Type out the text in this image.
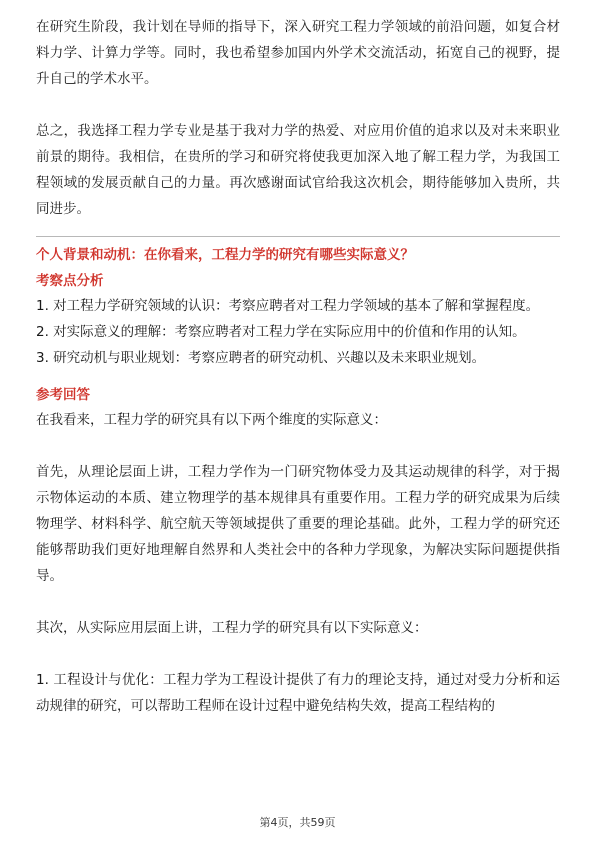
在研究生阶段，我计划在导师的指导下，深入研究工程力学领域的前沿问题，如复合材料力学、计算力学等。同时，我也希望参加国内外学术交流活动，拓宽自己的视野，提升自己的学术水平。

总之，我选择工程力学专业是基于我对力学的热爱、对应用价值的追求以及对未来职业前景的期待。我相信，在贵所的学习和研究将使我更加深入地了解工程力学，为我国工程领域的发展贡献自己的力量。再次感谢面试官给我这次机会，期待能够加入贵所，共同进步。

个人背景和动机：在你看来，工程力学的研究有哪些实际意义？

考察点分析

1. 对工程力学研究领域的认识：考察应聘者对工程力学领域的基本了解和掌握程度。

2. 对实际意义的理解：考察应聘者对工程力学在实际应用中的价值和作用的认知。

3. 研究动机与职业规划：考察应聘者的研究动机、兴趣以及未来职业规划。

参考回答

在我看来，工程力学的研究具有以下两个维度的实际意义：

首先，从理论层面上讲，工程力学作为一门研究物体受力及其运动规律的科学，对于揭示物体运动的本质、建立物理学的基本规律具有重要作用。工程力学的研究成果为后续物理学、材料科学、航空航天等领域提供了重要的理论基础。此外，工程力学的研究还能够帮助我们更好地理解自然界和人类社会中的各种力学现象，为解决实际问题提供指导。

其次，从实际应用层面上讲，工程力学的研究具有以下实际意义：

1. 工程设计与优化：工程力学为工程设计提供了有力的理论支持，通过对受力分析和运动规律的研究，可以帮助工程师在设计过程中避免结构失效，提高工程结构的

第4页，共59页
